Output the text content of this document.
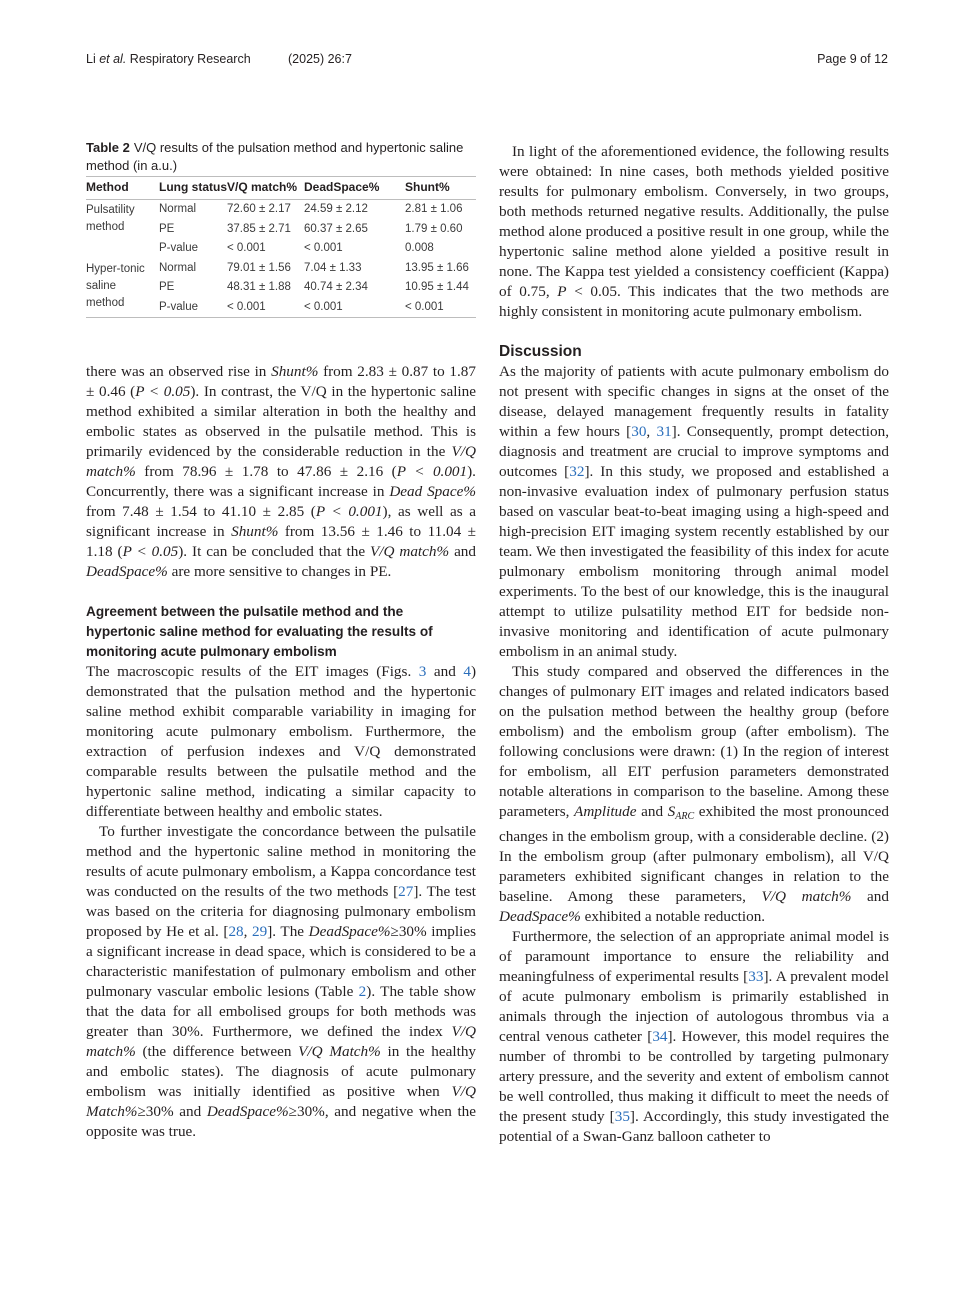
Li et al. Respiratory Research	(2025) 26:7	Page 9 of 12
Table 2 V/Q results of the pulsation method and hypertonic saline method (in a.u.)
Method	Lung status	V/Q match%	DeadSpace%	Shunt%
Pulsatility method	Normal	72.60 ± 2.17	24.59 ± 2.12	2.81 ± 1.06
	PE	37.85 ± 2.71	60.37 ± 2.65	1.79 ± 0.60
	P-value	< 0.001	< 0.001	0.008
Hyper-tonic saline method	Normal	79.01 ± 1.56	7.04 ± 1.33	13.95 ± 1.66
	PE	48.31 ± 1.88	40.74 ± 2.34	10.95 ± 1.44
	P-value	< 0.001	< 0.001	< 0.001

there was an observed rise in Shunt% from 2.83 ± 0.87 to 1.87 ± 0.46 (P < 0.05). In contrast, the V/Q in the hypertonic saline method exhibited a similar alteration in both the healthy and embolic states as observed in the pulsatile method. This is primarily evidenced by the considerable reduction in the V/Q match% from 78.96 ± 1.78 to 47.86 ± 2.16 (P < 0.001). Concurrently, there was a significant increase in Dead Space% from 7.48 ± 1.54 to 41.10 ± 2.85 (P < 0.001), as well as a significant increase in Shunt% from 13.56 ± 1.46 to 11.04 ± 1.18 (P < 0.05). It can be concluded that the V/Q match% and DeadSpace% are more sensitive to changes in PE.

Agreement between the pulsatile method and the hypertonic saline method for evaluating the results of monitoring acute pulmonary embolism

The macroscopic results of the EIT images (Figs. 3 and 4) demonstrated that the pulsation method and the hypertonic saline method exhibit comparable variability in imaging for monitoring acute pulmonary embolism. Furthermore, the extraction of perfusion indexes and V/Q demonstrated comparable results between the pulsatile method and the hypertonic saline method, indicating a similar capacity to differentiate between healthy and embolic states.

To further investigate the concordance between the pulsatile method and the hypertonic saline method in monitoring the results of acute pulmonary embolism, a Kappa concordance test was conducted on the results of the two methods [27]. The test was based on the criteria for diagnosing pulmonary embolism proposed by He et al. [28, 29]. The DeadSpace%≥30% implies a significant increase in dead space, which is considered to be a characteristic manifestation of pulmonary embolism and other pulmonary vascular embolic lesions (Table 2). The table show that the data for all embolised groups for both methods was greater than 30%. Furthermore, we defined the index V/Q match% (the difference between V/Q Match% in the healthy and embolic states). The diagnosis of acute pulmonary embolism was initially identified as positive when V/Q Match%≥30% and DeadSpace%≥30%, and negative when the opposite was true.

In light of the aforementioned evidence, the following results were obtained: In nine cases, both methods yielded positive results for pulmonary embolism. Conversely, in two groups, both methods returned negative results. Additionally, the pulse method alone produced a positive result in one group, while the hypertonic saline method alone yielded a positive result in none. The Kappa test yielded a consistency coefficient (Kappa) of 0.75, P < 0.05. This indicates that the two methods are highly consistent in monitoring acute pulmonary embolism.

Discussion

As the majority of patients with acute pulmonary embolism do not present with specific changes in signs at the onset of the disease, delayed management frequently results in fatality within a few hours [30, 31]. Consequently, prompt detection, diagnosis and treatment are crucial to improve symptoms and outcomes [32]. In this study, we proposed and established a non-invasive evaluation index of pulmonary perfusion status based on vascular beat-to-beat imaging using a high-speed and high-precision EIT imaging system recently established by our team. We then investigated the feasibility of this index for acute pulmonary embolism monitoring through animal model experiments. To the best of our knowledge, this is the inaugural attempt to utilize pulsatility method EIT for bedside non-invasive monitoring and identification of acute pulmonary embolism in an animal study.

This study compared and observed the differences in the changes of pulmonary EIT images and related indicators based on the pulsation method between the healthy group (before embolism) and the embolism group (after embolism). The following conclusions were drawn: (1) In the region of interest for embolism, all EIT perfusion parameters demonstrated notable alterations in comparison to the baseline. Among these parameters, Amplitude and $S_{ARC}$ exhibited the most pronounced changes in the embolism group, with a considerable decline. (2) In the embolism group (after pulmonary embolism), all V/Q parameters exhibited significant changes in relation to the baseline. Among these parameters, V/Q match% and DeadSpace% exhibited a notable reduction.

Furthermore, the selection of an appropriate animal model is of paramount importance to ensure the reliability and meaningfulness of experimental results [33]. A prevalent model of acute pulmonary embolism is primarily established in animals through the injection of autologous thrombus via a central venous catheter [34]. However, this model requires the number of thrombi to be controlled by targeting pulmonary artery pressure, and the severity and extent of embolism cannot be well controlled, thus making it difficult to meet the needs of the present study [35]. Accordingly, this study investigated the potential of a Swan-Ganz balloon catheter to
